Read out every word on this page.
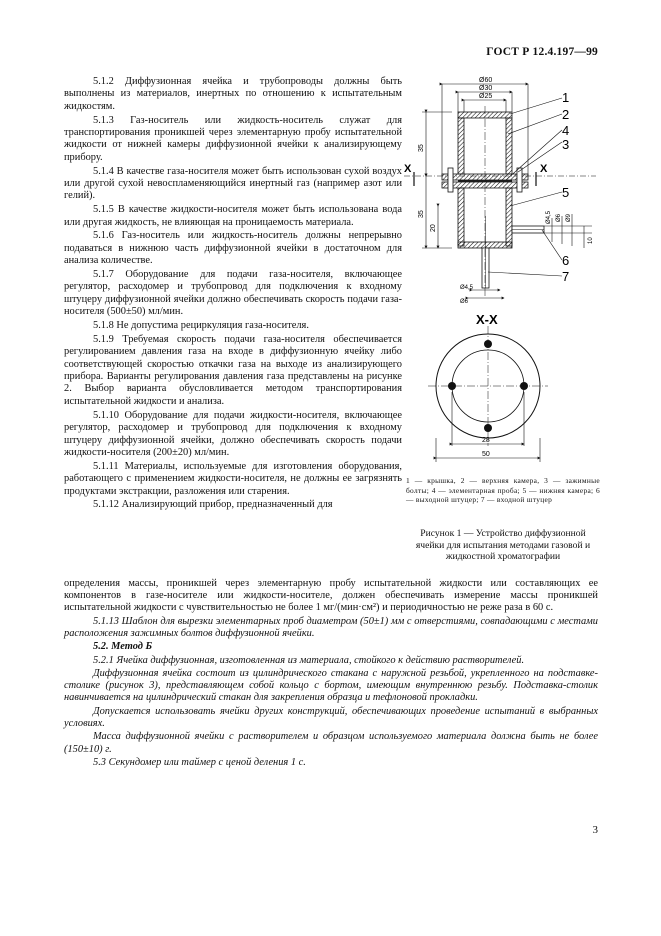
ГОСТ Р 12.4.197—99

5.1.2 Диффузионная ячейка и трубопроводы должны быть выполнены из материалов, инертных по отношению к испытательным жидкостям.

5.1.3 Газ-носитель или жидкость-носитель служат для транспортирования проникшей через элементарную пробу испытательной жидкости от нижней камеры диффузионной ячейки к анализирующему прибору.

5.1.4 В качестве газа-носителя может быть использован сухой воздух или другой сухой невоспламеняющийся инертный газ (например азот или гелий).

5.1.5 В качестве жидкости-носителя может быть использована вода или другая жидкость, не влияющая на проницаемость материала.

5.1.6 Газ-носитель или жидкость-носитель должны непрерывно подаваться в нижнюю часть диффузионной ячейки в достаточном для анализа количестве.

5.1.7 Оборудование для подачи газа-носителя, включающее регулятор, расходомер и трубопровод для подключения к входному штуцеру диффузионной ячейки должно обеспечивать скорость подачи газа-носителя (500±50) мл/мин.

5.1.8 Не допустима рециркуляция газа-носителя.

5.1.9 Требуемая скорость подачи газа-носителя обеспечивается регулированием давления газа на входе в диффузионную ячейку либо соответствующей скоростью откачки газа на выходе из анализирующего прибора. Варианты регулирования давления газа представлены на рисунке 2. Выбор варианта обусловливается методом транспортирования испытательной жидкости и анализа.

5.1.10 Оборудование для подачи жидкости-носителя, включающее регулятор, расходомер и трубопровод для подключения к входному штуцеру диффузионной ячейки, должно обеспечивать скорость подачи жидкости-носителя (200±20) мл/мин.

5.1.11 Материалы, используемые для изготовления оборудования, работающего с применением жидкости-носителя, не должны ее загрязнять продуктами экстракции, разложения или старения.

5.1.12 Анализирующий прибор, предназначенный для

Ø60
Ø30
Ø25
35
35
20
X	X
Ø4,5 Ø6 Ø9
10
Ø4,5
Ø6
1
2
4
3
5
6
7
X-X
28
50
1 — крышка, 2 — верхняя камера, 3 — зажимные болты; 4 — элементарная проба; 5 — нижняя камера; 6 — выходной штуцер; 7 — входной штуцер
Рисунок 1 — Устройство диффузионной ячейки для испытания методами газовой и жидкостной хроматографии

определения массы, проникшей через элементарную пробу испытательной жидкости или составляющих ее компонентов в газе-носителе или жидкости-носителе, должен обеспечивать измерение массы проникшей испытательной жидкости с чувствительностью не более 1 мг/(мин·см²) и периодичностью не реже раза в 60 с.

5.1.13 Шаблон для вырезки элементарных проб диаметром (50±1) мм с отверстиями, совпадающими с местами расположения зажимных болтов диффузионной ячейки.

5.2. Метод Б

5.2.1 Ячейка диффузионная, изготовленная из материала, стойкого к действию растворителей.

Диффузионная ячейка состоит из цилиндрического стакана с наружной резьбой, укрепленного на подставке-столике (рисунок 3), представляющем собой кольцо с бортом, имеющим внутреннюю резьбу. Подставка-столик навинчивается на цилиндрический стакан для закрепления образца и тефлоновой прокладки.

Допускается использовать ячейки других конструкций, обеспечивающих проведение испытаний в выбранных условиях.

Масса диффузионной ячейки с растворителем и образцом используемого материала должна быть не более (150±10) г.

5.3 Секундомер или таймер с ценой деления 1 с.

3
